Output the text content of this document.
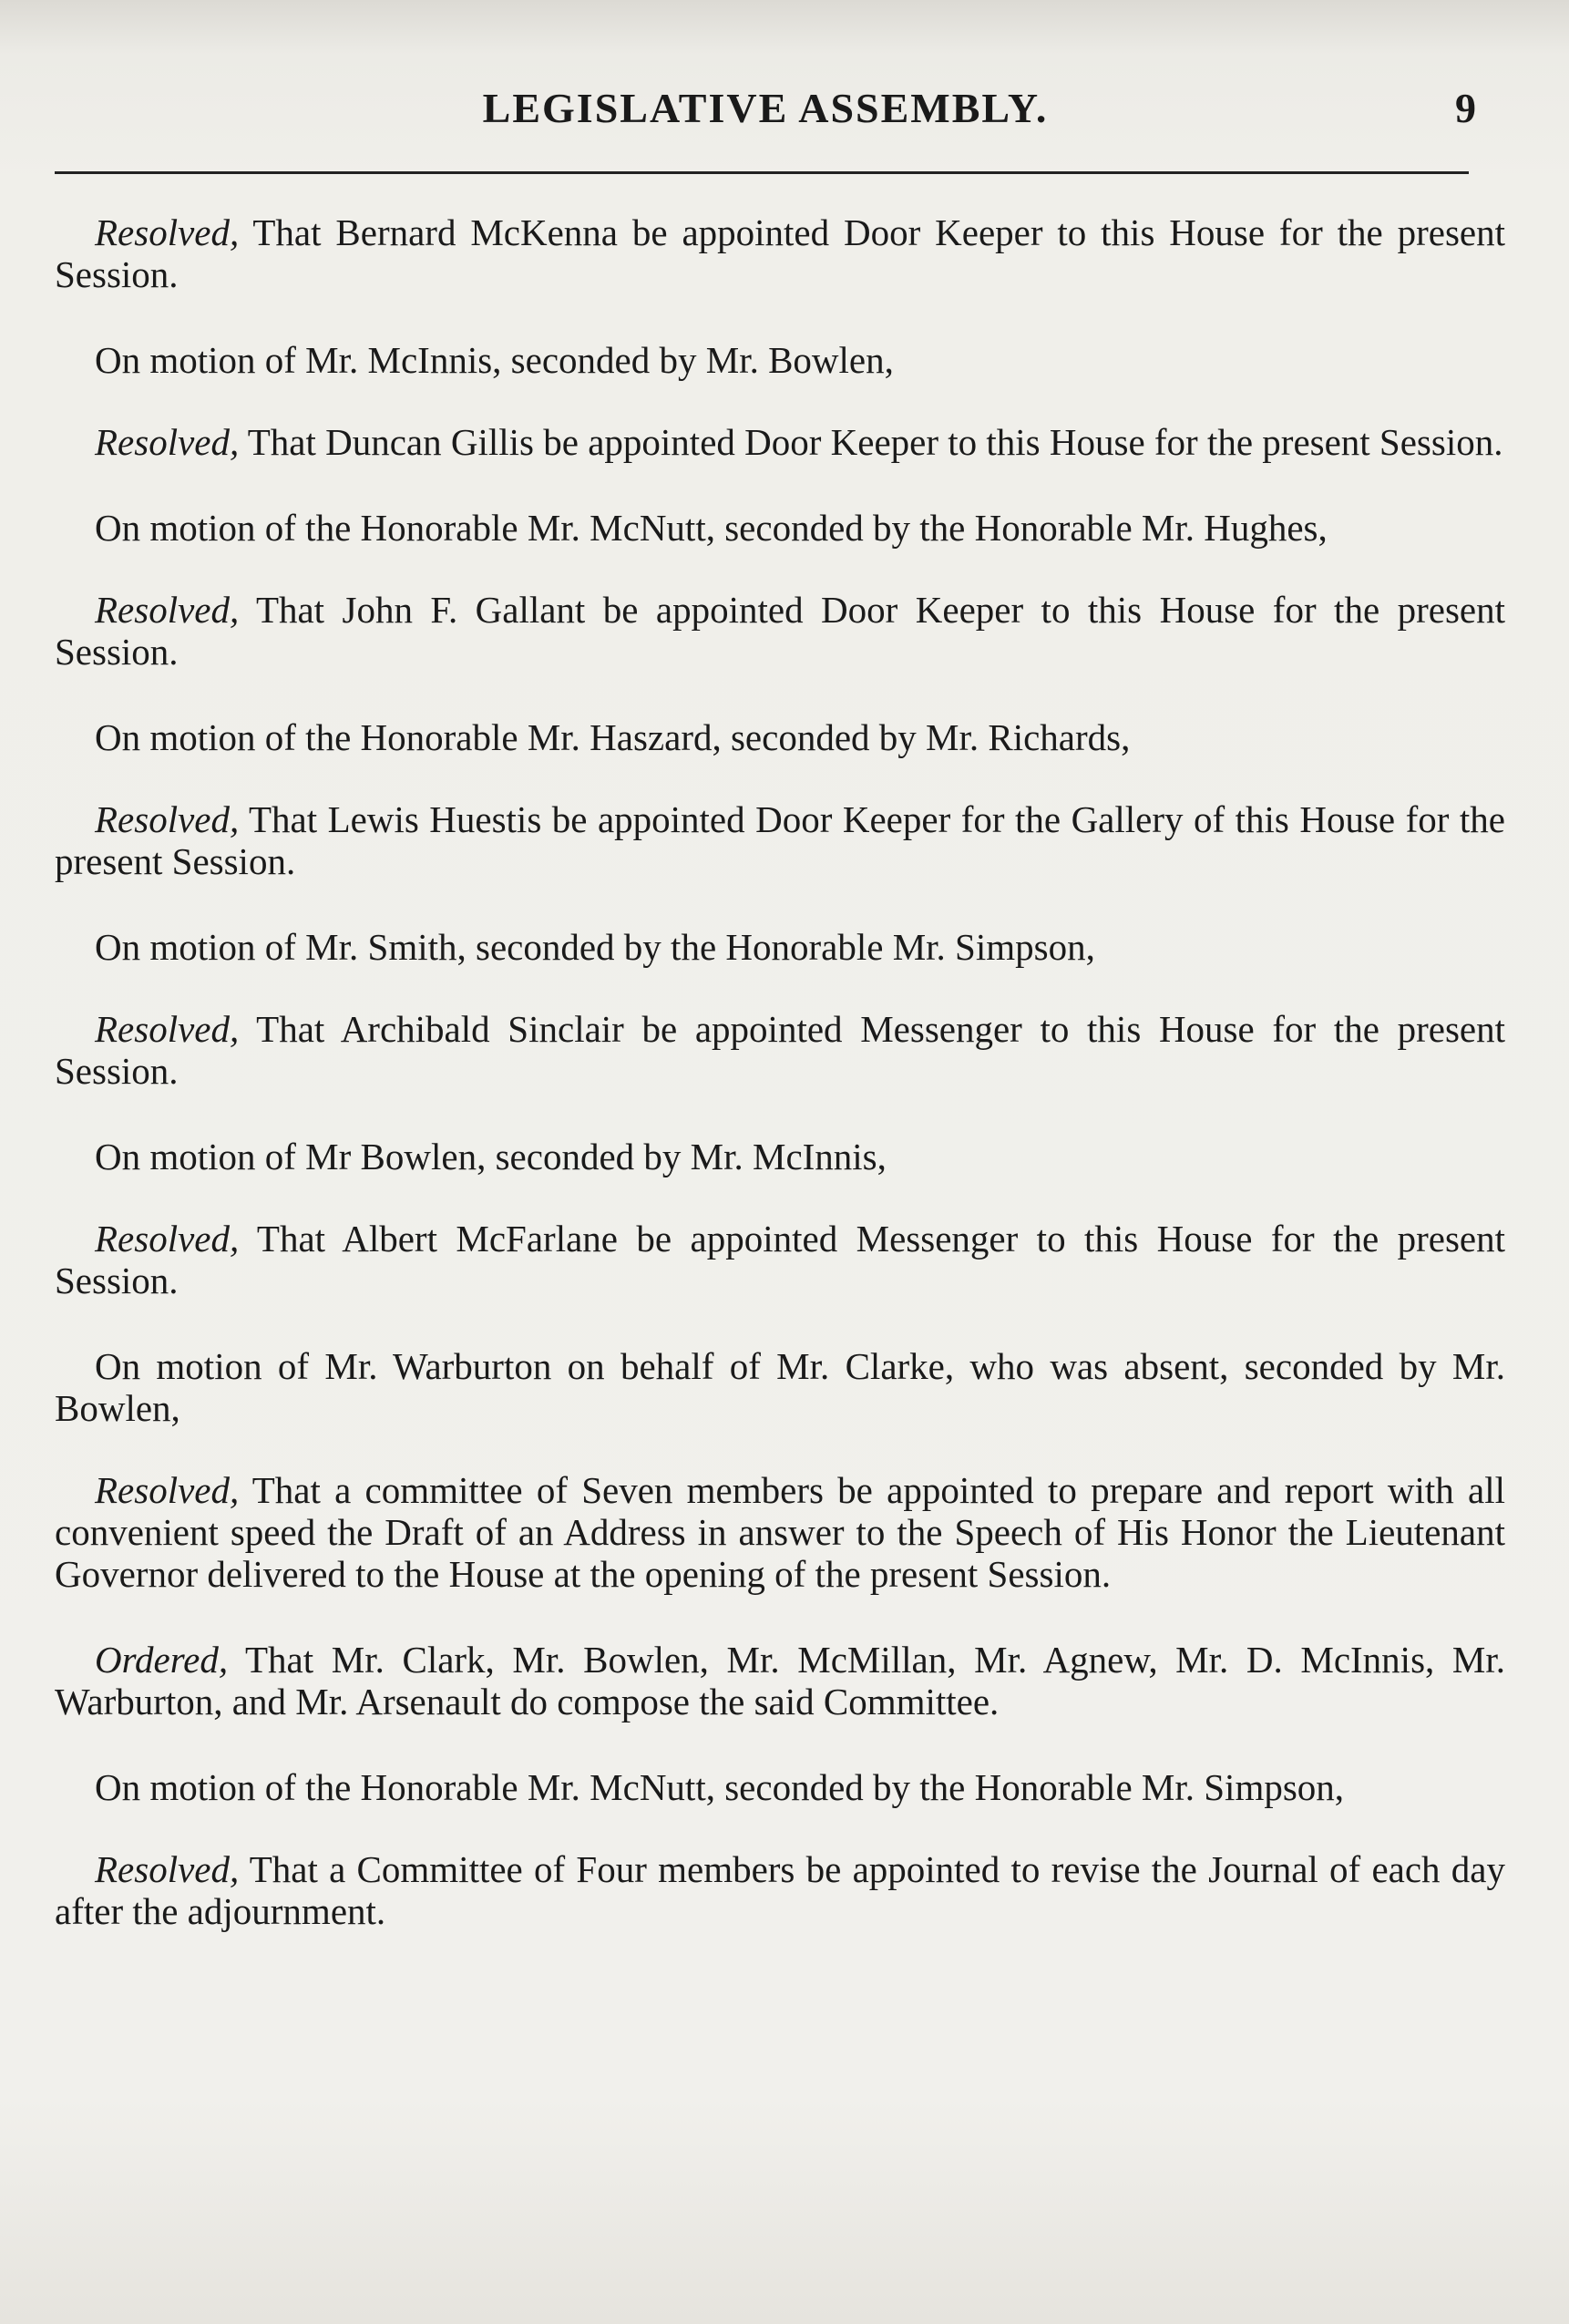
LEGISLATIVE ASSEMBLY.	9

Resolved, That Bernard McKenna be appointed Door Keeper to this House for the present Session.

On motion of Mr. McInnis, seconded by Mr. Bowlen,

Resolved, That Duncan Gillis be appointed Door Keeper to this House for the present Session.

On motion of the Honorable Mr. McNutt, seconded by the Honorable Mr. Hughes,

Resolved, That John F. Gallant be appointed Door Keeper to this House for the present Session.

On motion of the Honorable Mr. Haszard, seconded by Mr. Richards,

Resolved, That Lewis Huestis be appointed Door Keeper for the Gallery of this House for the present Session.

On motion of Mr. Smith, seconded by the Honorable Mr. Simpson,

Resolved, That Archibald Sinclair be appointed Messenger to this House for the present Session.

On motion of Mr Bowlen, seconded by Mr. McInnis,

Resolved, That Albert McFarlane be appointed Messenger to this House for the present Session.

On motion of Mr. Warburton on behalf of Mr. Clarke, who was absent, seconded by Mr. Bowlen,

Resolved, That a committee of Seven members be appointed to prepare and report with all convenient speed the Draft of an Address in answer to the Speech of His Honor the Lieutenant Governor delivered to the House at the opening of the present Session.

Ordered, That Mr. Clark, Mr. Bowlen, Mr. McMillan, Mr. Agnew, Mr. D. McInnis, Mr. Warburton, and Mr. Arsenault do compose the said Committee.

On motion of the Honorable Mr. McNutt, seconded by the Honorable Mr. Simpson,

Resolved, That a Committee of Four members be appointed to revise the Journal of each day after the adjournment.
